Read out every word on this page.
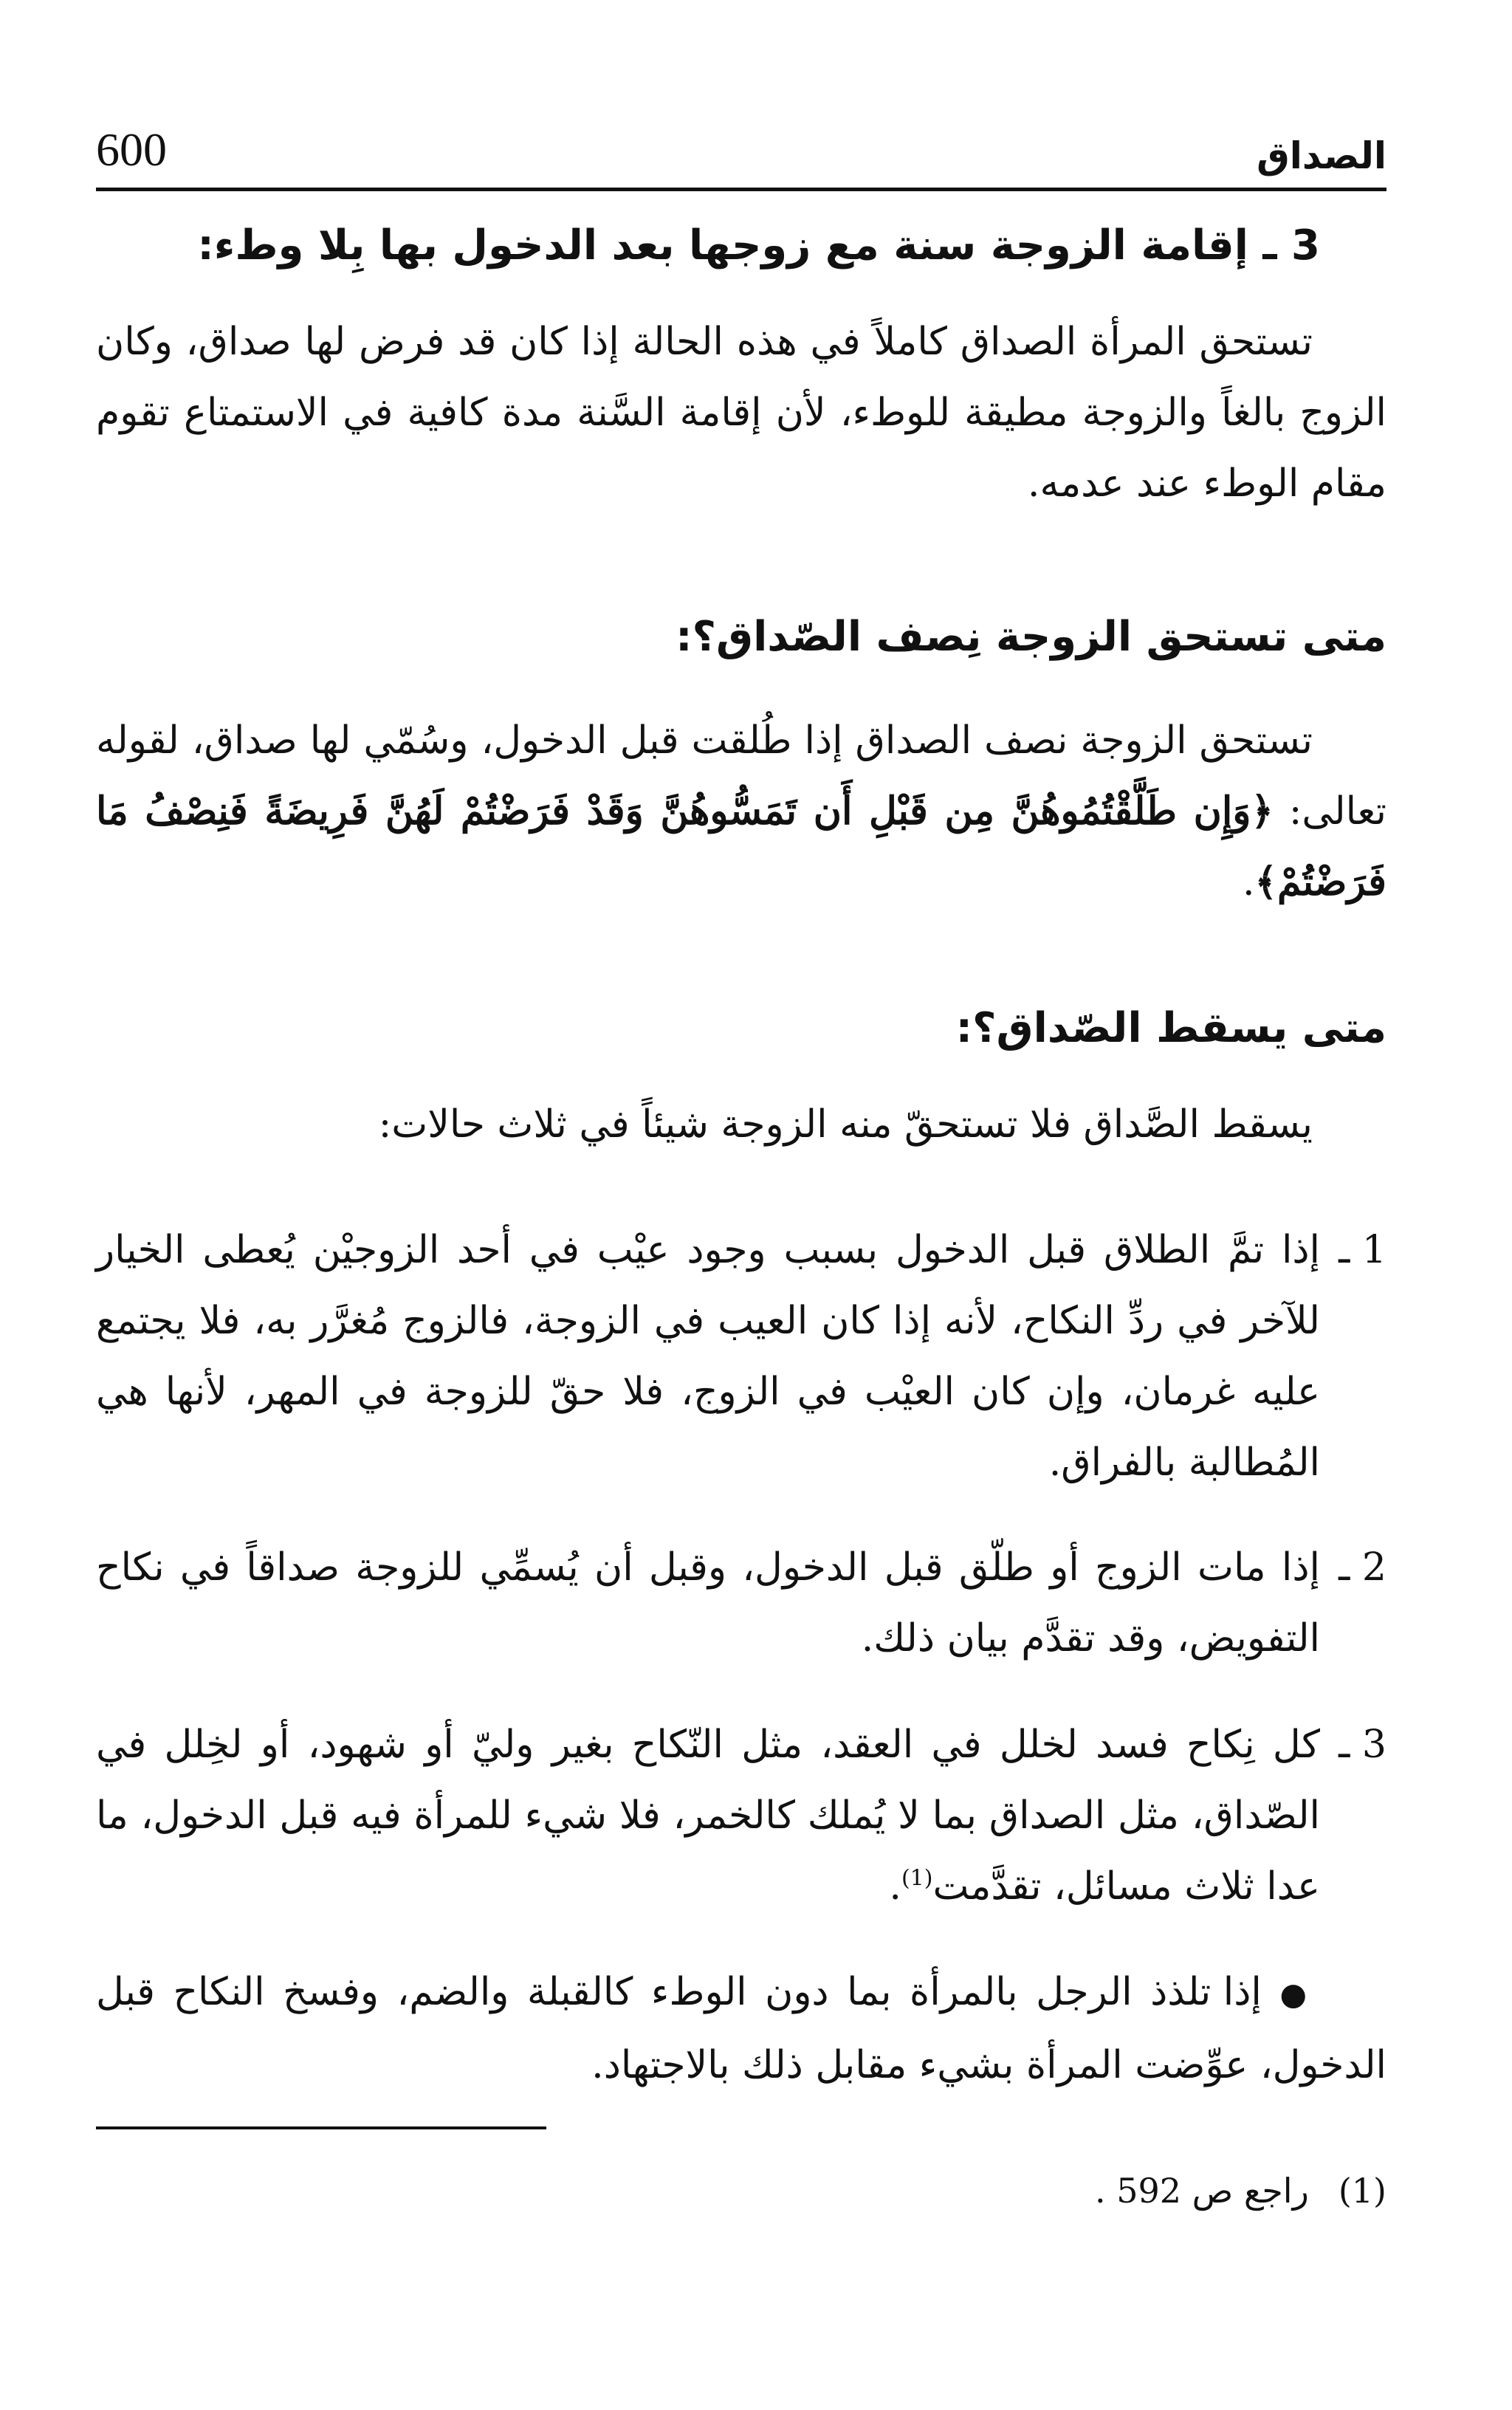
الصداق
600

3 ـ إقامة الزوجة سنة مع زوجها بعد الدخول بها بِلا وطء:

تستحق المرأة الصداق كاملاً في هذه الحالة إذا كان قد فرض لها صداق، وكان الزوج بالغاً والزوجة مطيقة للوطء، لأن إقامة السَّنة مدة كافية في الاستمتاع تقوم مقام الوطء عند عدمه.

متى تستحق الزوجة نِصف الصّداق؟:

تستحق الزوجة نصف الصداق إذا طُلقت قبل الدخول، وسُمّي لها صداق، لقوله تعالى: ﴿وَإِن طَلَّقْتُمُوهُنَّ مِن قَبْلِ أَن تَمَسُّوهُنَّ وَقَدْ فَرَضْتُمْ لَهُنَّ فَرِيضَةً فَنِصْفُ مَا فَرَضْتُمْ﴾.

متى يسقط الصّداق؟:

يسقط الصَّداق فلا تستحقّ منه الزوجة شيئاً في ثلاث حالات:

1 ـ
إذا تمَّ الطلاق قبل الدخول بسبب وجود عيْب في أحد الزوجيْن يُعطى الخيار للآخر في ردِّ النكاح، لأنه إذا كان العيب في الزوجة، فالزوج مُغرَّر به، فلا يجتمع عليه غرمان، وإن كان العيْب في الزوج، فلا حقّ للزوجة في المهر، لأنها هي المُطالبة بالفراق.
2 ـ
إذا مات الزوج أو طلّق قبل الدخول، وقبل أن يُسمِّي للزوجة صداقاً في نكاح التفويض، وقد تقدَّم بيان ذلك.
3 ـ
كل نِكاح فسد لخلل في العقد، مثل النّكاح بغير وليّ أو شهود، أو لخِلل في الصّداق، مثل الصداق بما لا يُملك كالخمر، فلا شيء للمرأة فيه قبل الدخول، ما عدا ثلاث مسائل، تقدَّمت$^{(1)}$.

● إذا تلذذ الرجل بالمرأة بما دون الوطء كالقبلة والضم، وفسخ النكاح قبل الدخول، عوِّضت المرأة بشيء مقابل ذلك بالاجتهاد.

(1)
راجع ص 592 .
